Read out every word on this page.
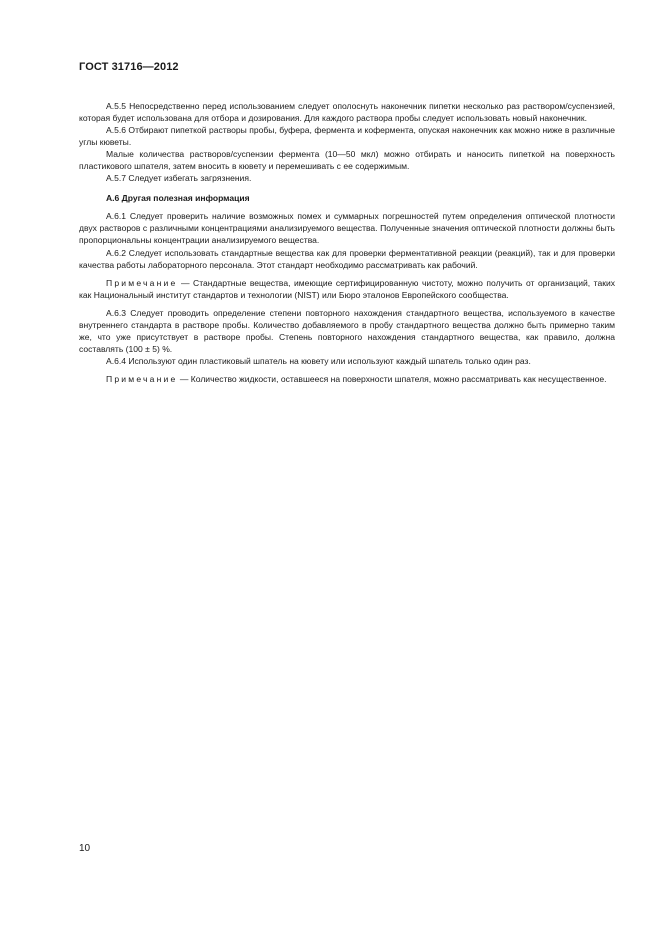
ГОСТ 31716—2012

А.5.5 Непосредственно перед использованием следует ополоснуть наконечник пипетки несколько раз раствором/суспензией, которая будет использована для отбора и дозирования. Для каждого раствора пробы следует использовать новый наконечник.

А.5.6 Отбирают пипеткой растворы пробы, буфера, фермента и кофермента, опуская наконечник как можно ниже в различные углы кюветы.

Малые количества растворов/суспензии фермента (10—50 мкл) можно отбирать и наносить пипеткой на поверхность пластикового шпателя, затем вносить в кювету и перемешивать с ее содержимым.

А.5.7 Следует избегать загрязнения.

А.6 Другая полезная информация

А.6.1 Следует проверить наличие возможных помех и суммарных погрешностей путем определения оптической плотности двух растворов с различными концентрациями анализируемого вещества. Полученные значения оптической плотности должны быть пропорциональны концентрации анализируемого вещества.

А.6.2 Следует использовать стандартные вещества как для проверки ферментативной реакции (реакций), так и для проверки качества работы лабораторного персонала. Этот стандарт необходимо рассматривать как рабочий.

Примечание — Стандартные вещества, имеющие сертифицированную чистоту, можно получить от организаций, таких как Национальный институт стандартов и технологии (NIST) или Бюро эталонов Европейского сообщества.

А.6.3 Следует проводить определение степени повторного нахождения стандартного вещества, используемого в качестве внутреннего стандарта в растворе пробы. Количество добавляемого в пробу стандартного вещества должно быть примерно таким же, что уже присутствует в растворе пробы. Степень повторного нахождения стандартного вещества, как правило, должна составлять (100 ± 5) %.

А.6.4 Используют один пластиковый шпатель на кювету или используют каждый шпатель только один раз.

Примечание — Количество жидкости, оставшееся на поверхности шпателя, можно рассматривать как несущественное.

10
